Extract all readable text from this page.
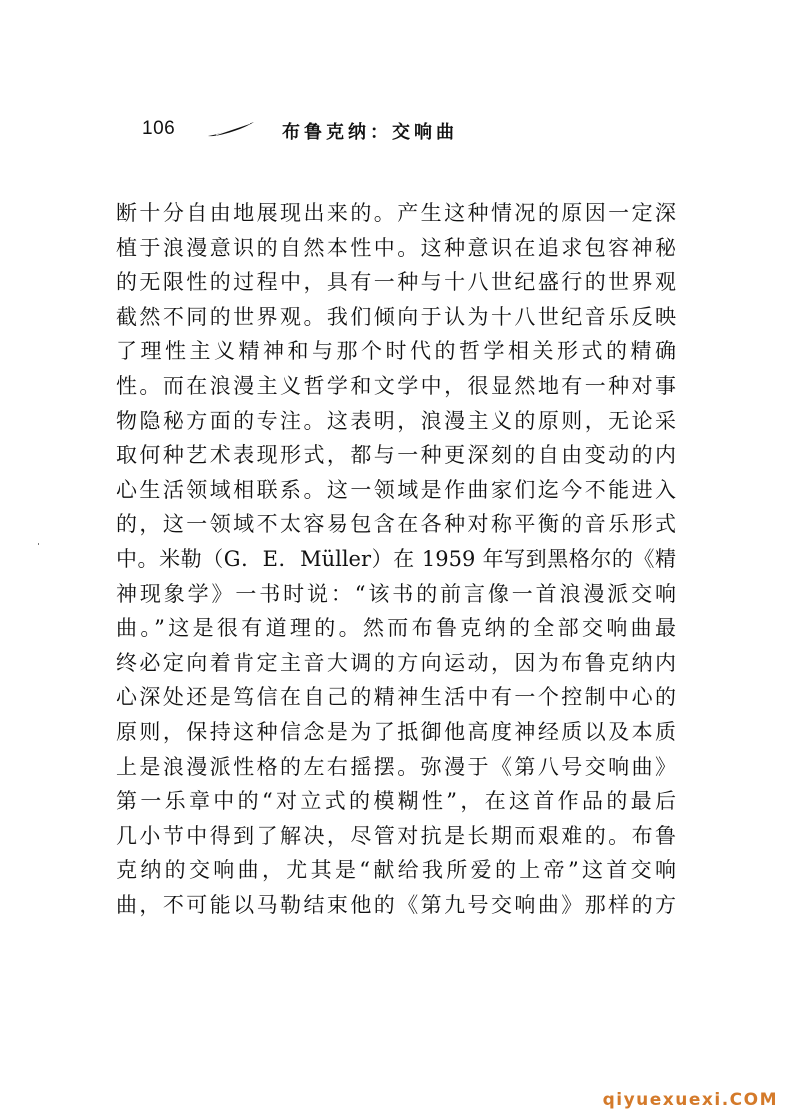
106	布鲁克纳：交响曲
断十分自由地展现出来的。产生这种情况的原因一定深
植于浪漫意识的自然本性中。这种意识在追求包容神秘
的无限性的过程中，具有一种与十八世纪盛行的世界观
截然不同的世界观。我们倾向于认为十八世纪音乐反映
了理性主义精神和与那个时代的哲学相关形式的精确
性。而在浪漫主义哲学和文学中，很显然地有一种对事
物隐秘方面的专注。这表明，浪漫主义的原则，无论采
取何种艺术表现形式，都与一种更深刻的自由变动的内
心生活领域相联系。这一领域是作曲家们迄今不能进入
的，这一领域不太容易包含在各种对称平衡的音乐形式
中。米勒（G．E．Müller）在 1959 年写到黑格尔的《精
神现象学》一书时说：“该书的前言像一首浪漫派交响
曲。”这是很有道理的。然而布鲁克纳的全部交响曲最
终必定向着肯定主音大调的方向运动，因为布鲁克纳内
心深处还是笃信在自己的精神生活中有一个控制中心的
原则，保持这种信念是为了抵御他高度神经质以及本质
上是浪漫派性格的左右摇摆。弥漫于《第八号交响曲》
第一乐章中的“对立式的模糊性”，在这首作品的最后
几小节中得到了解决，尽管对抗是长期而艰难的。布鲁
克纳的交响曲，尤其是“献给我所爱的上帝”这首交响
曲，不可能以马勒结束他的《第九号交响曲》那样的方
qiyuexuexi.COM
